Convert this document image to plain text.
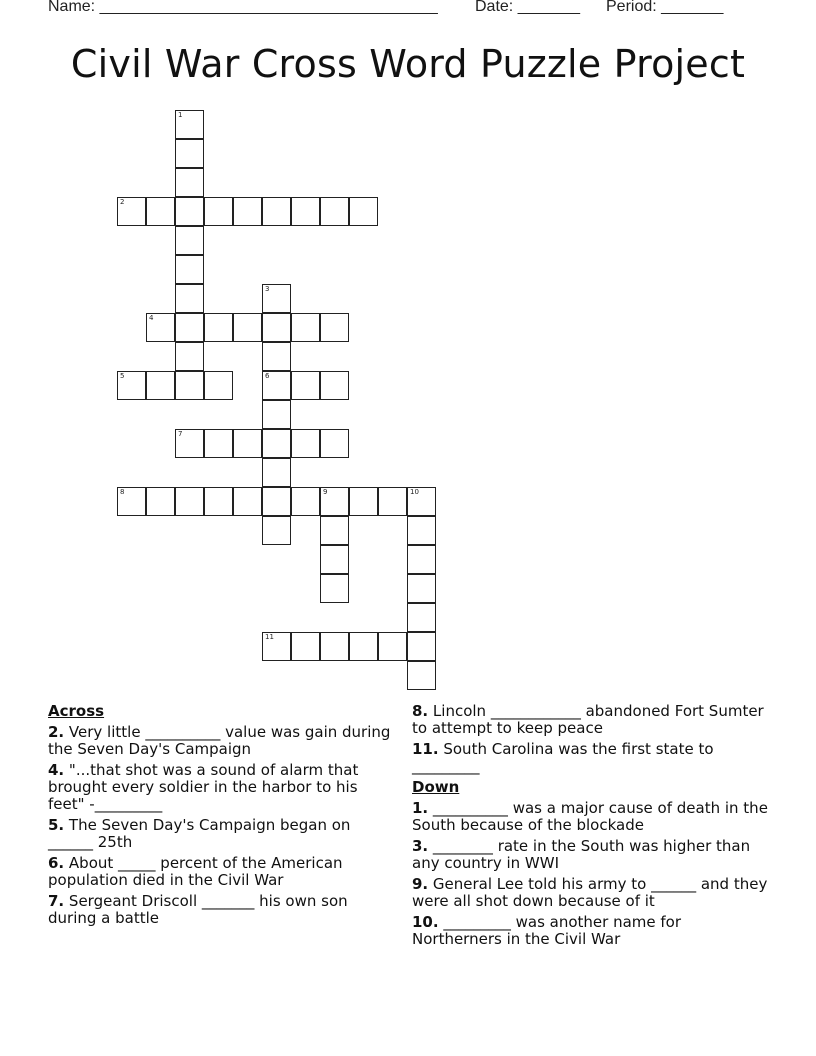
Name: ______________________________________ Date: _______ Period: _______
Civil War Cross Word Puzzle Project
1
2
3
4
5	6
7
8	9	10
11
Across
2. Very little __________ value was gain during the Seven Day's Campaign
4. "...that shot was a sound of alarm that brought every soldier in the harbor to his feet" -_________
5. The Seven Day's Campaign began on ______ 25th
6. About _____ percent of the American population died in the Civil War
7. Sergeant Driscoll _______ his own son during a battle
8. Lincoln ____________ abandoned Fort Sumter to attempt to keep peace
11. South Carolina was the first state to _________
Down
1. __________ was a major cause of death in the South because of the blockade
3. ________ rate in the South was higher than any country in WWI
9. General Lee told his army to ______ and they were all shot down because of it
10. _________ was another name for Northerners in the Civil War
